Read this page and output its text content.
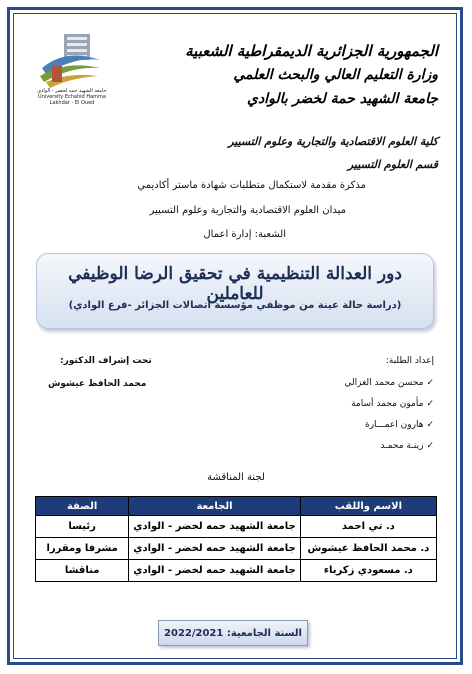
جامعة الشهيد حمه لخضر - الوادي
University Echahid Hamma Lakhdar - El Oued
الجمهورية الجزائرية الديمقراطية الشعبية
وزارة التعليم العالي والبحث العلمي
جامعة الشهيد حمة لخضر بالوادي
كلية العلوم الاقتصادية والتجارية وعلوم التسيير
قسم العلوم التسيير
مذكرة مقدمة لاستكمال متطلبات شهادة ماستر أكاديمي
ميدان العلوم الاقتصادية والتجارية وعلوم التسيير
الشعبة: إدارة اعمال
دور العدالة التنظيمية في تحقيق الرضا الوظيفي للعاملين
(دراسة حالة عينة من موظفي مؤسسة اتصالات الجزائر -فرع الوادي)
إعداد الطلبة:
✓محسن محمد الغزالي
✓مأمون محمد أسامة
✓هارون اعمـــارة
✓زينـة محمـد
تحت إشراف الدكتور:
محمد الحافظ عيشوش
لجنة المناقشة
الاسم واللقب	الجامعة	الصفة
د. تي احمد	جامعة الشهيد حمه لخضر - الوادي	رئيسا
د. محمد الحافظ عيشوش	جامعة الشهيد حمه لخضر - الوادي	مشرفا ومقررا
د. مسعودي زكرياء	جامعة الشهيد حمه لخضر - الوادي	مناقشا
السنة الجامعية: 2022/2021
